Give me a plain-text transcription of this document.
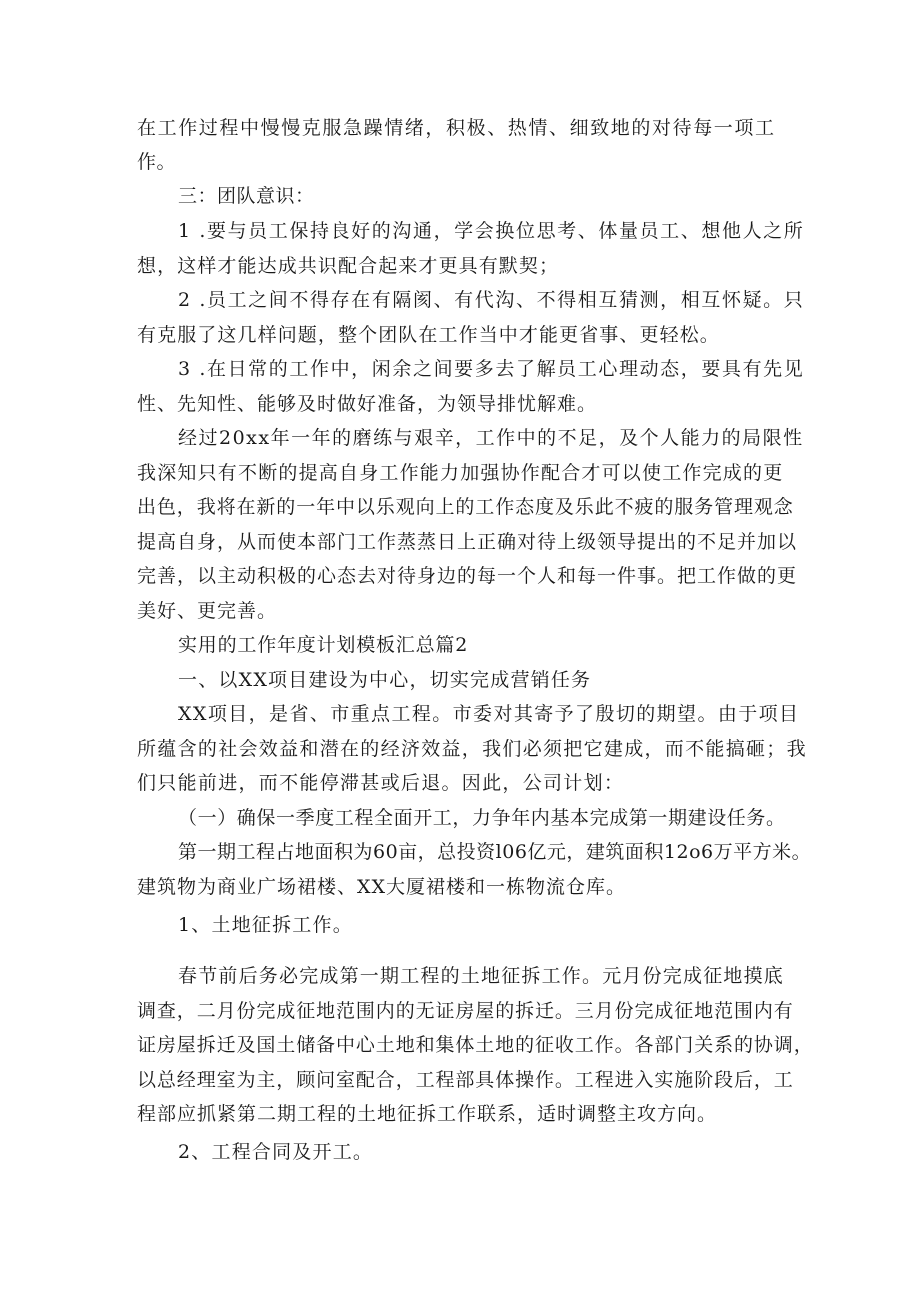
在工作过程中慢慢克服急躁情绪，积极、热情、细致地的对待每一项工
作。
三：团队意识：
1 .要与员工保持良好的沟通，学会换位思考、体量员工、想他人之所
想，这样才能达成共识配合起来才更具有默契；
2 .员工之间不得存在有隔阂、有代沟、不得相互猜测，相互怀疑。只
有克服了这几样问题，整个团队在工作当中才能更省事、更轻松。
3 .在日常的工作中，闲余之间要多去了解员工心理动态，要具有先见
性、先知性、能够及时做好准备，为领导排忧解难。
经过20xx年一年的磨练与艰辛，工作中的不足，及个人能力的局限性
我深知只有不断的提高自身工作能力加强协作配合才可以使工作完成的更
出色，我将在新的一年中以乐观向上的工作态度及乐此不疲的服务管理观念
提高自身，从而使本部门工作蒸蒸日上正确对待上级领导提出的不足并加以
完善，以主动积极的心态去对待身边的每一个人和每一件事。把工作做的更
美好、更完善。
实用的工作年度计划模板汇总篇2
一、以XX项目建设为中心，切实完成营销任务
XX项目，是省、市重点工程。市委对其寄予了殷切的期望。由于项目
所蕴含的社会效益和潜在的经济效益，我们必须把它建成，而不能搞砸；我
们只能前进，而不能停滞甚或后退。因此，公司计划：
（一）确保一季度工程全面开工，力争年内基本完成第一期建设任务。
第一期工程占地面积为60亩，总投资l06亿元，建筑面积12o6万平方米。
建筑物为商业广场裙楼、XX大厦裙楼和一栋物流仓库。
1、土地征拆工作。
春节前后务必完成第一期工程的土地征拆工作。元月份完成征地摸底
调查，二月份完成征地范围内的无证房屋的拆迁。三月份完成征地范围内有
证房屋拆迁及国土储备中心土地和集体土地的征收工作。各部门关系的协调，
以总经理室为主，顾问室配合，工程部具体操作。工程进入实施阶段后，工
程部应抓紧第二期工程的土地征拆工作联系，适时调整主攻方向。
2、工程合同及开工。
